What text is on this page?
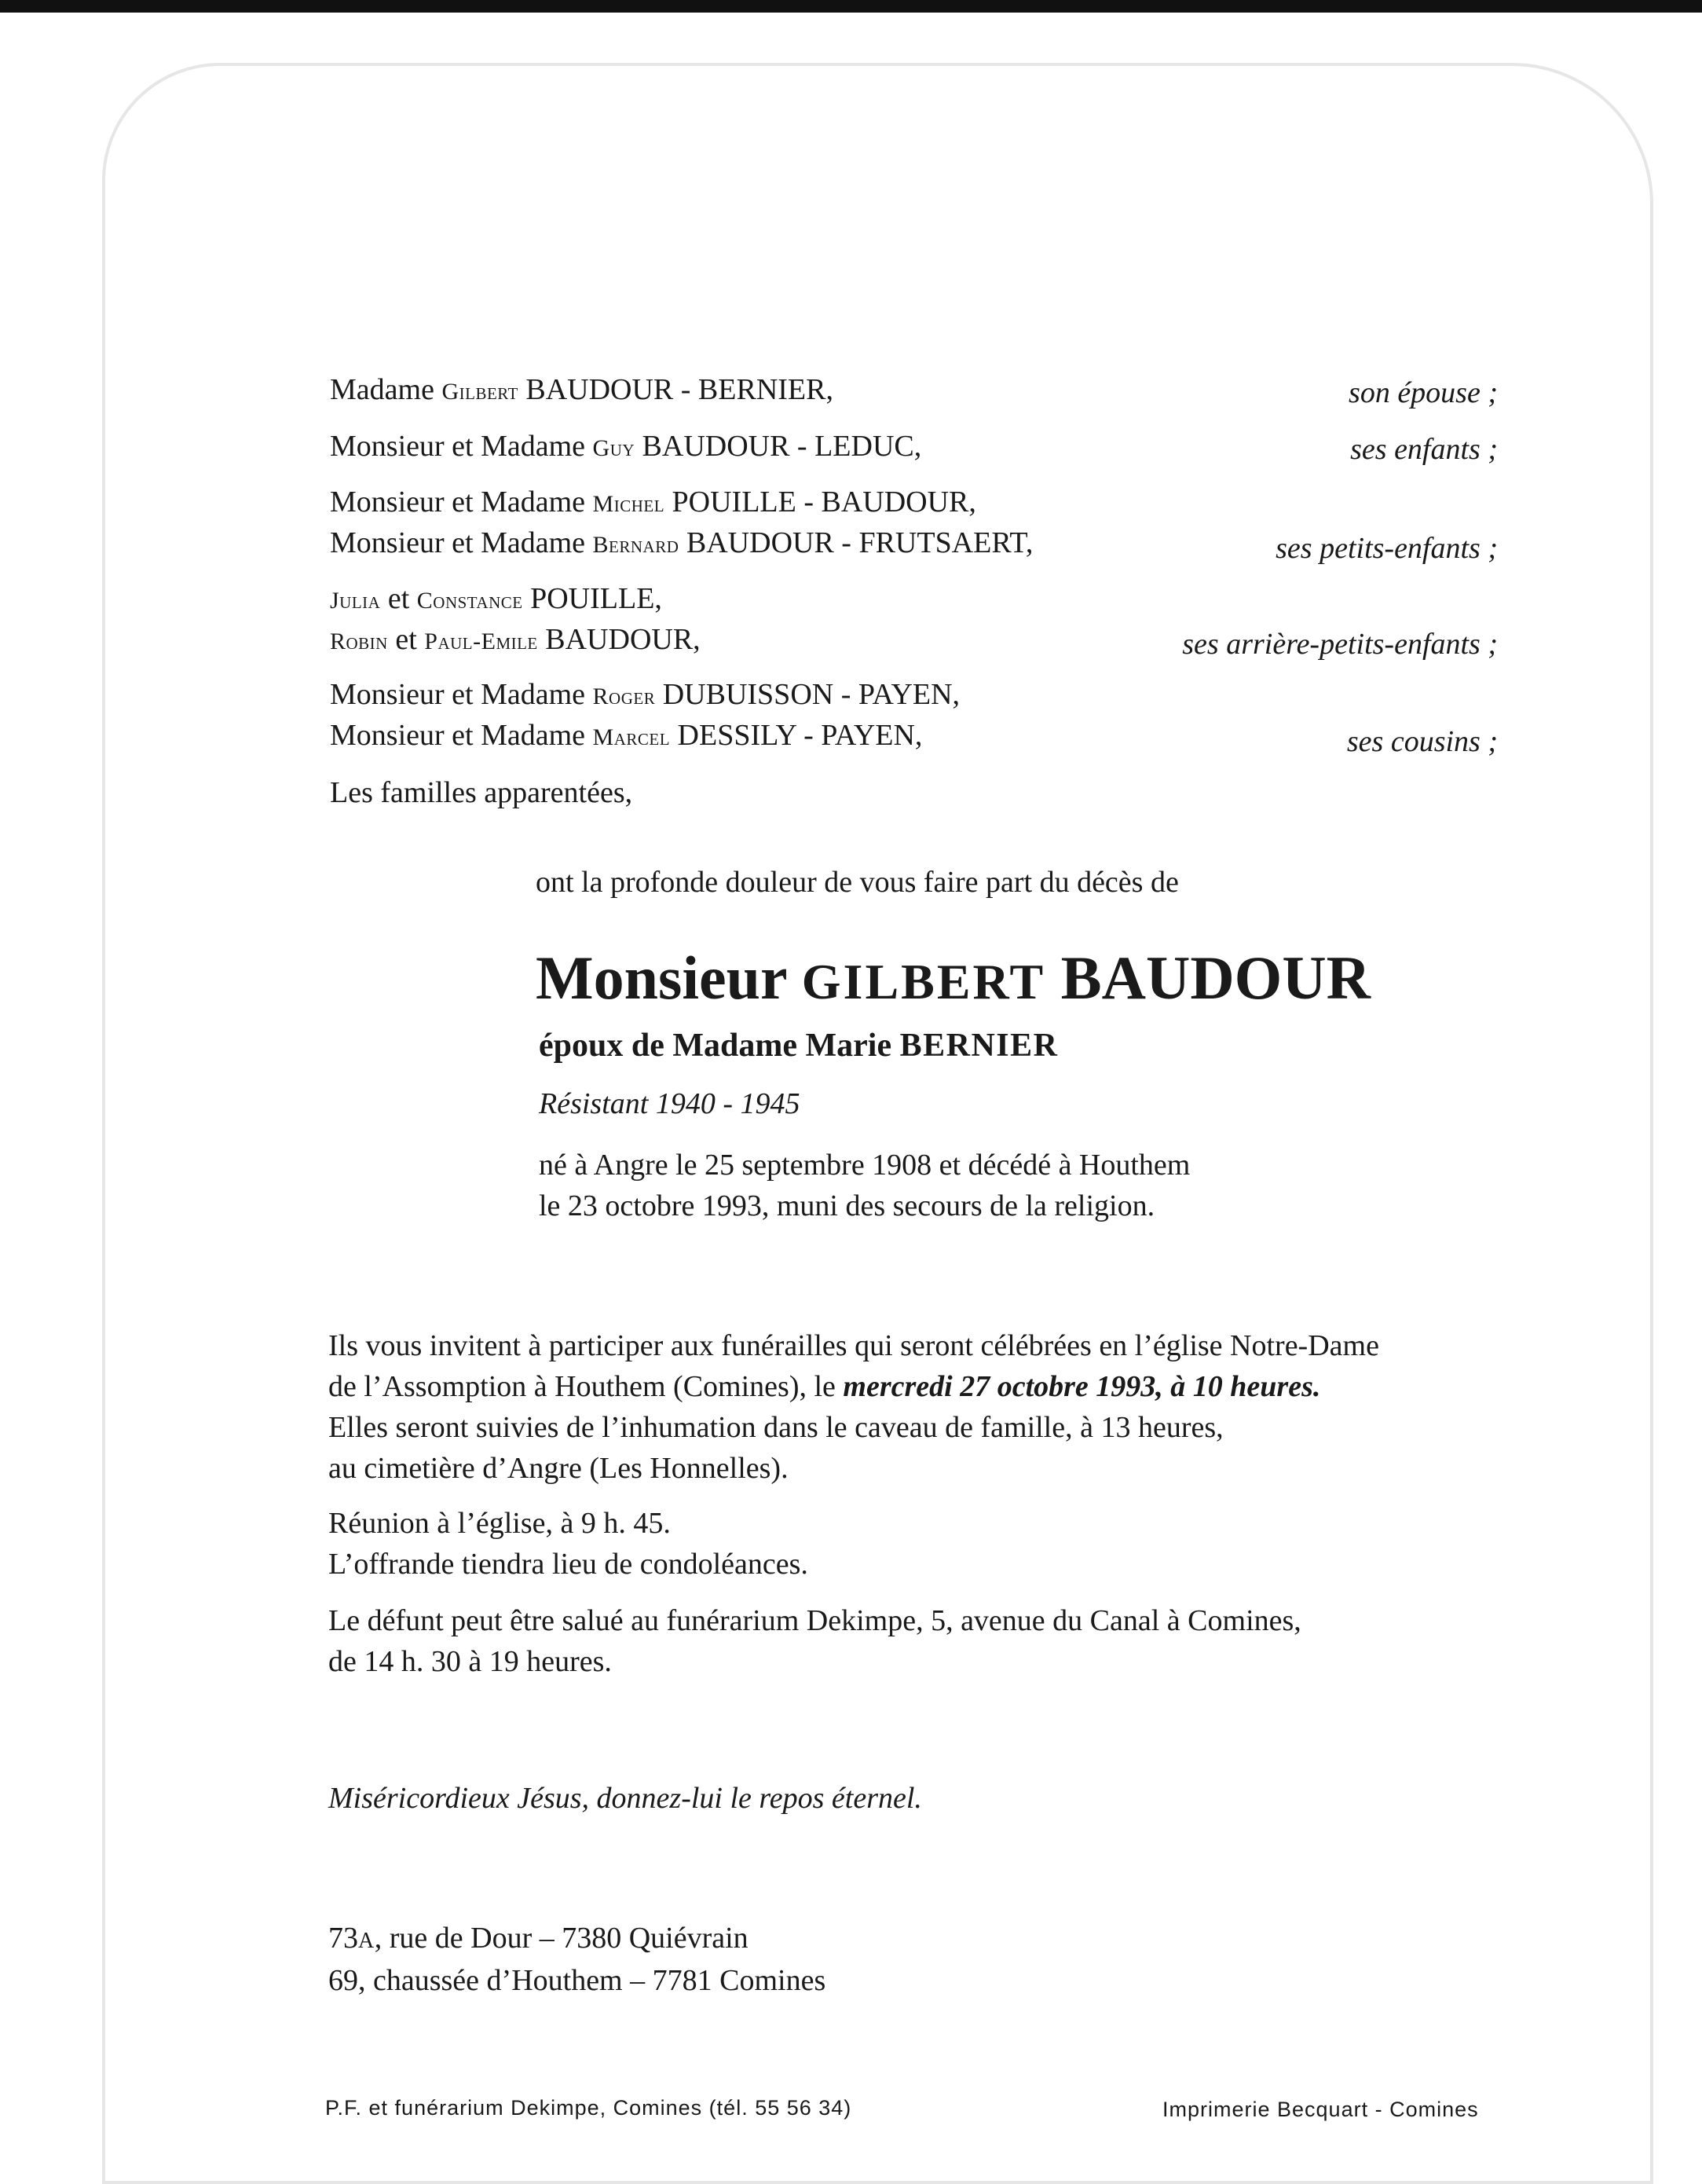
Madame Gilbert BAUDOUR - BERNIER,	son épouse ;
Monsieur et Madame Guy BAUDOUR - LEDUC,	ses enfants ;
Monsieur et Madame Michel POUILLE - BAUDOUR,
Monsieur et Madame Bernard BAUDOUR - FRUTSAERT,	ses petits-enfants ;
Julia et Constance POUILLE,
Robin et Paul-Emile BAUDOUR,	ses arrière-petits-enfants ;
Monsieur et Madame Roger DUBUISSON - PAYEN,
Monsieur et Madame Marcel DESSILY - PAYEN,	ses cousins ;
Les familles apparentées,
ont la profonde douleur de vous faire part du décès de
Monsieur GILBERT BAUDOUR
époux de Madame Marie BERNIER
Résistant 1940 - 1945
né à Angre le 25 septembre 1908 et décédé à Houthem
le 23 octobre 1993, muni des secours de la religion.
Ils vous invitent à participer aux funérailles qui seront célébrées en l’église Notre-Dame
de l’Assomption à Houthem (Comines), le mercredi 27 octobre 1993, à 10 heures.
Elles seront suivies de l’inhumation dans le caveau de famille, à 13 heures,
au cimetière d’Angre (Les Honnelles).
Réunion à l’église, à 9 h. 45.
L’offrande tiendra lieu de condoléances.
Le défunt peut être salué au funérarium Dekimpe, 5, avenue du Canal à Comines,
de 14 h. 30 à 19 heures.
Miséricordieux Jésus, donnez-lui le repos éternel.
73A, rue de Dour – 7380 Quiévrain
69, chaussée d’Houthem – 7781 Comines
P.F. et funérarium Dekimpe, Comines (tél. 55 56 34)	Imprimerie Becquart - Comines
